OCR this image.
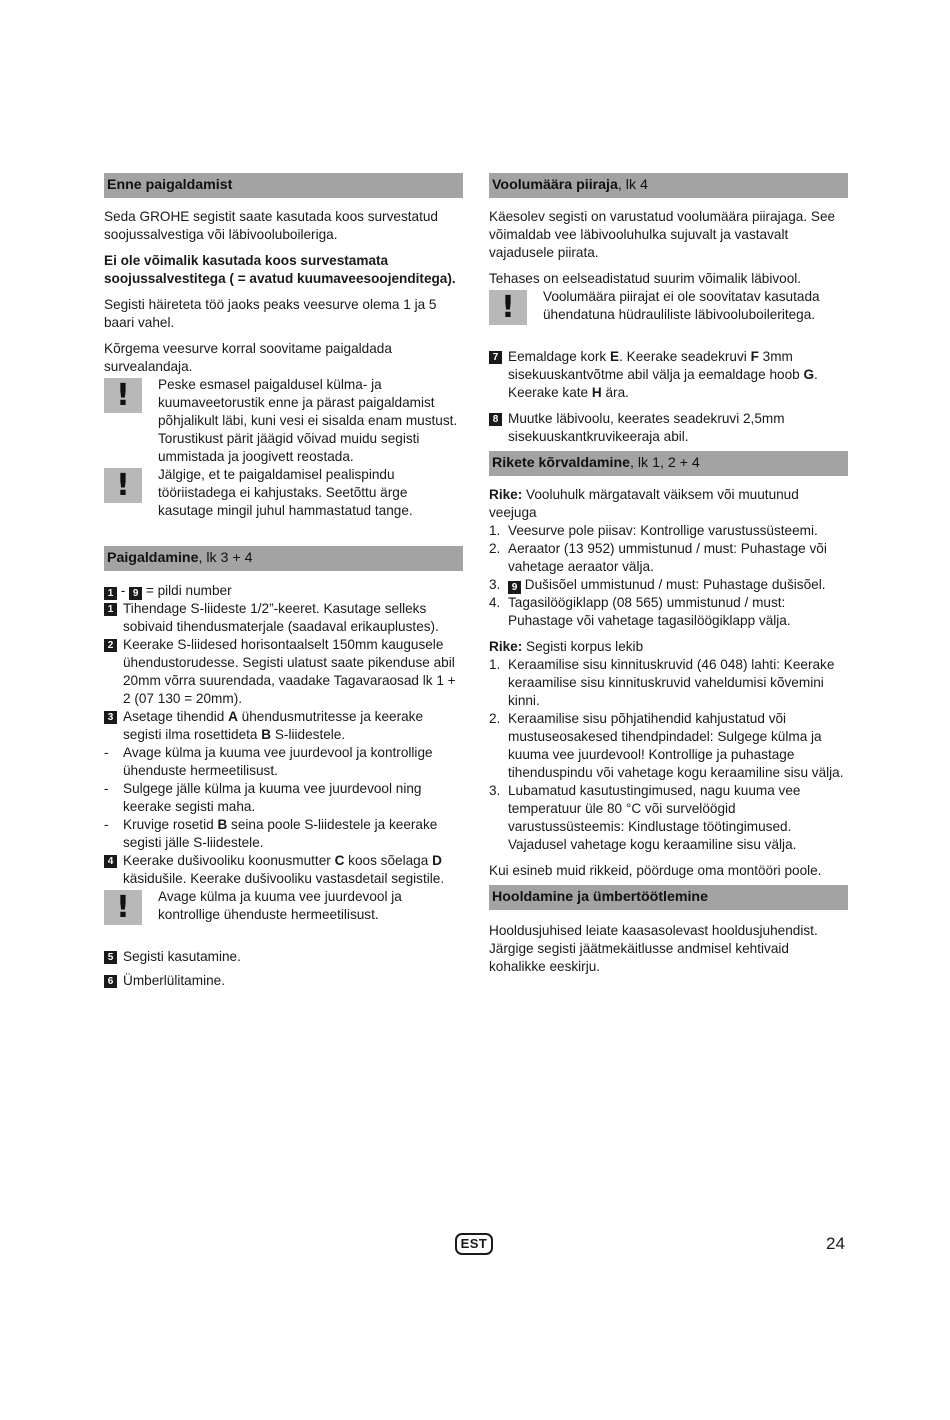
Enne paigaldamist

Seda GROHE segistit saate kasutada koos survestatud soojussalvestiga või läbivooluboileriga.

Ei ole võimalik kasutada koos survestamata soojussalvestitega ( = avatud kuumaveesoojenditega).

Segisti häireteta töö jaoks peaks veesurve olema 1 ja 5 baari vahel.

Kõrgema veesurve korral soovitame paigaldada survealandaja.

!	Peske esmasel paigaldusel külma- ja kuumaveetorustik enne ja pärast paigaldamist põhjalikult läbi, kuni vesi ei sisalda enam mustust. Torustikust pärit jäägid võivad muidu segisti ummistada ja joogivett reostada.

!	Jälgige, et te paigaldamisel pealispindu tööriistadega ei kahjustaks. Seetõttu ärge kasutage mingil juhul hammastatud tange.

Paigaldamine, lk 3 + 4

1 - 9 = pildi number

1 Tihendage S-liideste 1/2”-keeret. Kasutage selleks sobivaid tihendusmaterjale (saadaval erikauplustes).

2 Keerake S-liidesed horisontaalselt 150mm kaugusele ühendustorudesse. Segisti ulatust saate pikenduse abil 20mm võrra suurendada, vaadake Tagavaraosad lk 1 + 2 (07 130 = 20mm).

3 Asetage tihendid A ühendusmutritesse ja keerake segisti ilma rosettideta B S-liidestele.

- Avage külma ja kuuma vee juurdevool ja kontrollige ühenduste hermeetilisust.

- Sulgege jälle külma ja kuuma vee juurdevool ning keerake segisti maha.

- Kruvige rosetid B seina poole S-liidestele ja keerake segisti jälle S-liidestele.

4 Keerake dušivooliku koonusmutter C koos sõelaga D käsidušile. Keerake dušivooliku vastasdetail segistile.

!	Avage külma ja kuuma vee juurdevool ja kontrollige ühenduste hermeetilisust.

5 Segisti kasutamine.

6 Ümberlülitamine.

Voolumäära piiraja, lk 4

Käesolev segisti on varustatud voolumäära piirajaga. See võimaldab vee läbivooluhulka sujuvalt ja vastavalt vajadusele piirata.

Tehases on eelseadistatud suurim võimalik läbivool.

!	Voolumäära piirajat ei ole soovitatav kasutada ühendatuna hüdrauliliste läbivooluboileritega.

7 Eemaldage kork E. Keerake seadekruvi F 3mm sisekuuskantvõtme abil välja ja eemaldage hoob G. Keerake kate H ära.

8 Muutke läbivoolu, keerates seadekruvi 2,5mm sisekuuskantkruvikeeraja abil.

Rikete kõrvaldamine, lk 1, 2 + 4

Rike: Vooluhulk märgatavalt väiksem või muutunud veejuga

1. Veesurve pole piisav: Kontrollige varustussüsteemi.

2. Aeraator (13 952) ummistunud / must: Puhastage või vahetage aeraator välja.

3.	9 Dušisõel ummistunud / must: Puhastage dušisõel.

4. Tagasilöögiklapp (08 565) ummistunud / must: Puhastage või vahetage tagasilöögiklapp välja.

Rike: Segisti korpus lekib

1. Keraamilise sisu kinnituskruvid (46 048) lahti: Keerake keraamilise sisu kinnituskruvid vaheldumisi kõvemini kinni.

2. Keraamilise sisu põhjatihendid kahjustatud või mustuseosakesed tihendpindadel: Sulgege külma ja kuuma vee juurdevool! Kontrollige ja puhastage tihenduspindu või vahetage kogu keraamiline sisu välja.

3. Lubamatud kasutustingimused, nagu kuuma vee temperatuur üle 80 °C või survelöögid varustussüsteemis: Kindlustage töötingimused. Vajadusel vahetage kogu keraamiline sisu välja.

Kui esineb muid rikkeid, pöörduge oma montööri poole.

Hooldamine ja ümbertöötlemine

Hooldusjuhised leiate kaasasolevast hooldusjuhendist. Järgige segisti jäätmekäitlusse andmisel kehtivaid kohalikke eeskirju.

EST	24
